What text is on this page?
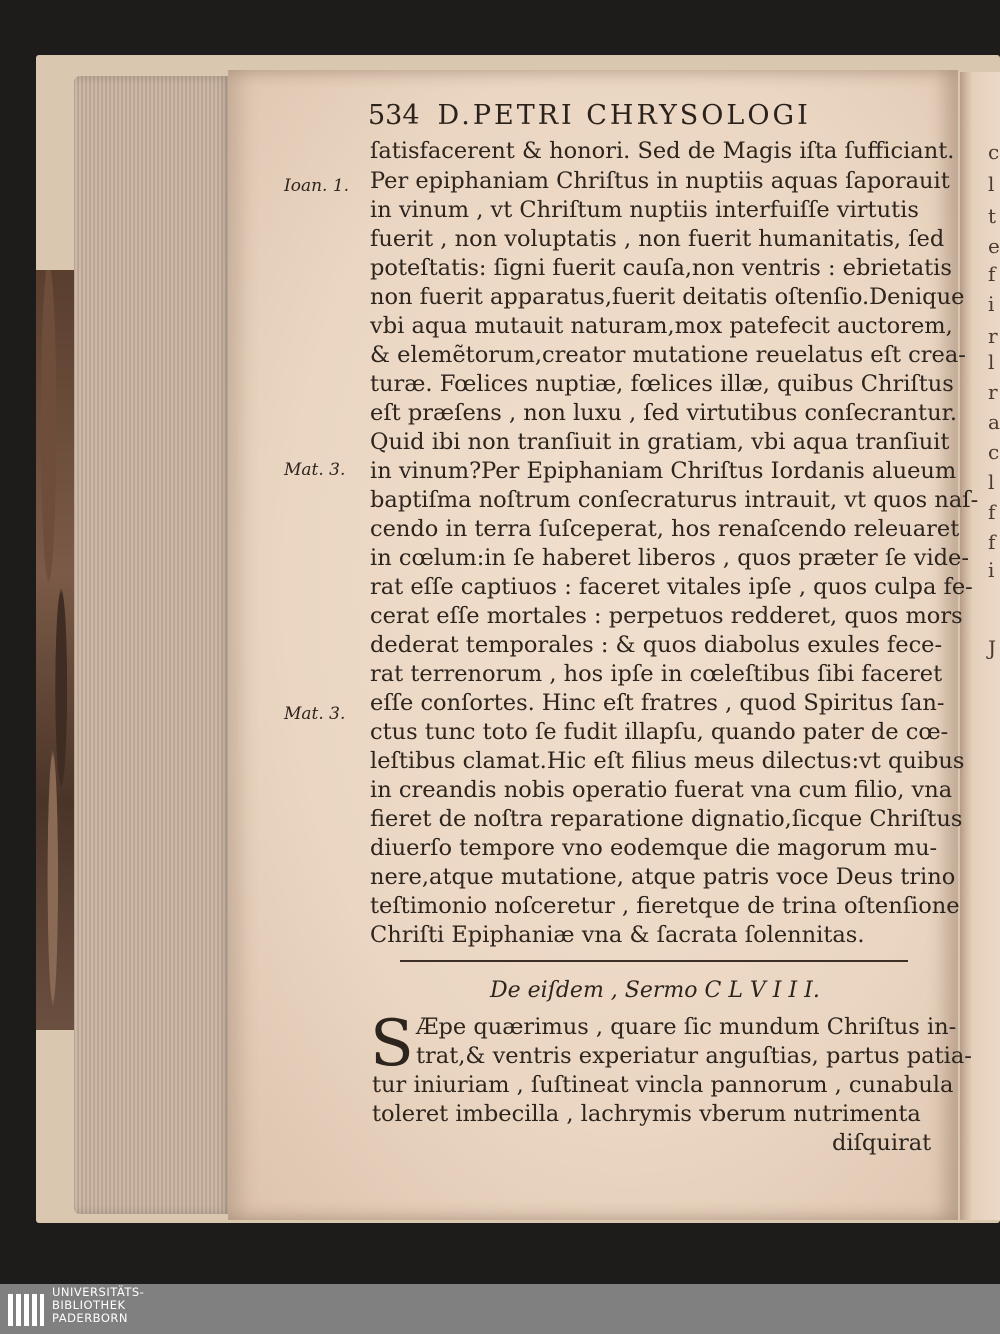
c
l
t
e
f
i
r
l
r
a
c
l
f
f
i
J
534 D.PETRI CHRYSOLOGI
Ioan. 1.
Mat. 3.
Mat. 3.
ſatisfacerent & honori. Sed de Magis iſta ſufficiant.
Per epiphaniam Chriſtus in nuptiis aquas ſaporauit
in vinum , vt Chriſtum nuptiis interfuiſſe virtutis
fuerit , non voluptatis , non fuerit humanitatis, ſed
poteſtatis: ſigni fuerit cauſa,non ventris : ebrietatis
non fuerit apparatus,fuerit deitatis oſtenſio.Denique
vbi aqua mutauit naturam,mox patefecit auctorem,
& elemẽtorum,creator mutatione reuelatus eſt crea-
turæ. Fœlices nuptiæ, fœlices illæ, quibus Chriſtus
eſt præſens , non luxu , ſed virtutibus conſecrantur.
Quid ibi non tranſiuit in gratiam, vbi aqua tranſiuit
in vinum?Per Epiphaniam Chriſtus Iordanis alueum
baptiſma noſtrum conſecraturus intrauit, vt quos naſ-
cendo in terra ſuſceperat, hos renaſcendo releuaret
in cœlum:in ſe haberet liberos , quos præter ſe vide-
rat eſſe captiuos : faceret vitales ipſe , quos culpa fe-
cerat eſſe mortales : perpetuos redderet, quos mors
dederat temporales : & quos diabolus exules fece-
rat terrenorum , hos ipſe in cœleſtibus ſibi faceret
eſſe conſortes. Hinc eſt fratres , quod Spiritus ſan-
ctus tunc toto ſe fudit illapſu, quando pater de cœ-
leſtibus clamat.Hic eſt filius meus dilectus:vt quibus
in creandis nobis operatio fuerat vna cum filio, vna
fieret de noſtra reparatione dignatio,ſicque Chriſtus
diuerſo tempore vno eodemque die magorum mu-
nere,atque mutatione, atque patris voce Deus trino
teſtimonio noſceretur , fieretque de trina oſtenſione
Chriſti Epiphaniæ vna & ſacrata ſolennitas.
De eiſdem , Sermo C L V I I I.
S Æpe quærimus , quare ſic mundum Chriſtus in-
trat,& ventris experiatur anguſtias, partus patia-
tur iniuriam , ſuſtineat vincla pannorum , cunabula
toleret imbecilla , lachrymis vberum nutrimenta
diſquirat
UNIVERSITÄTS-
BIBLIOTHEK
PADERBORN
